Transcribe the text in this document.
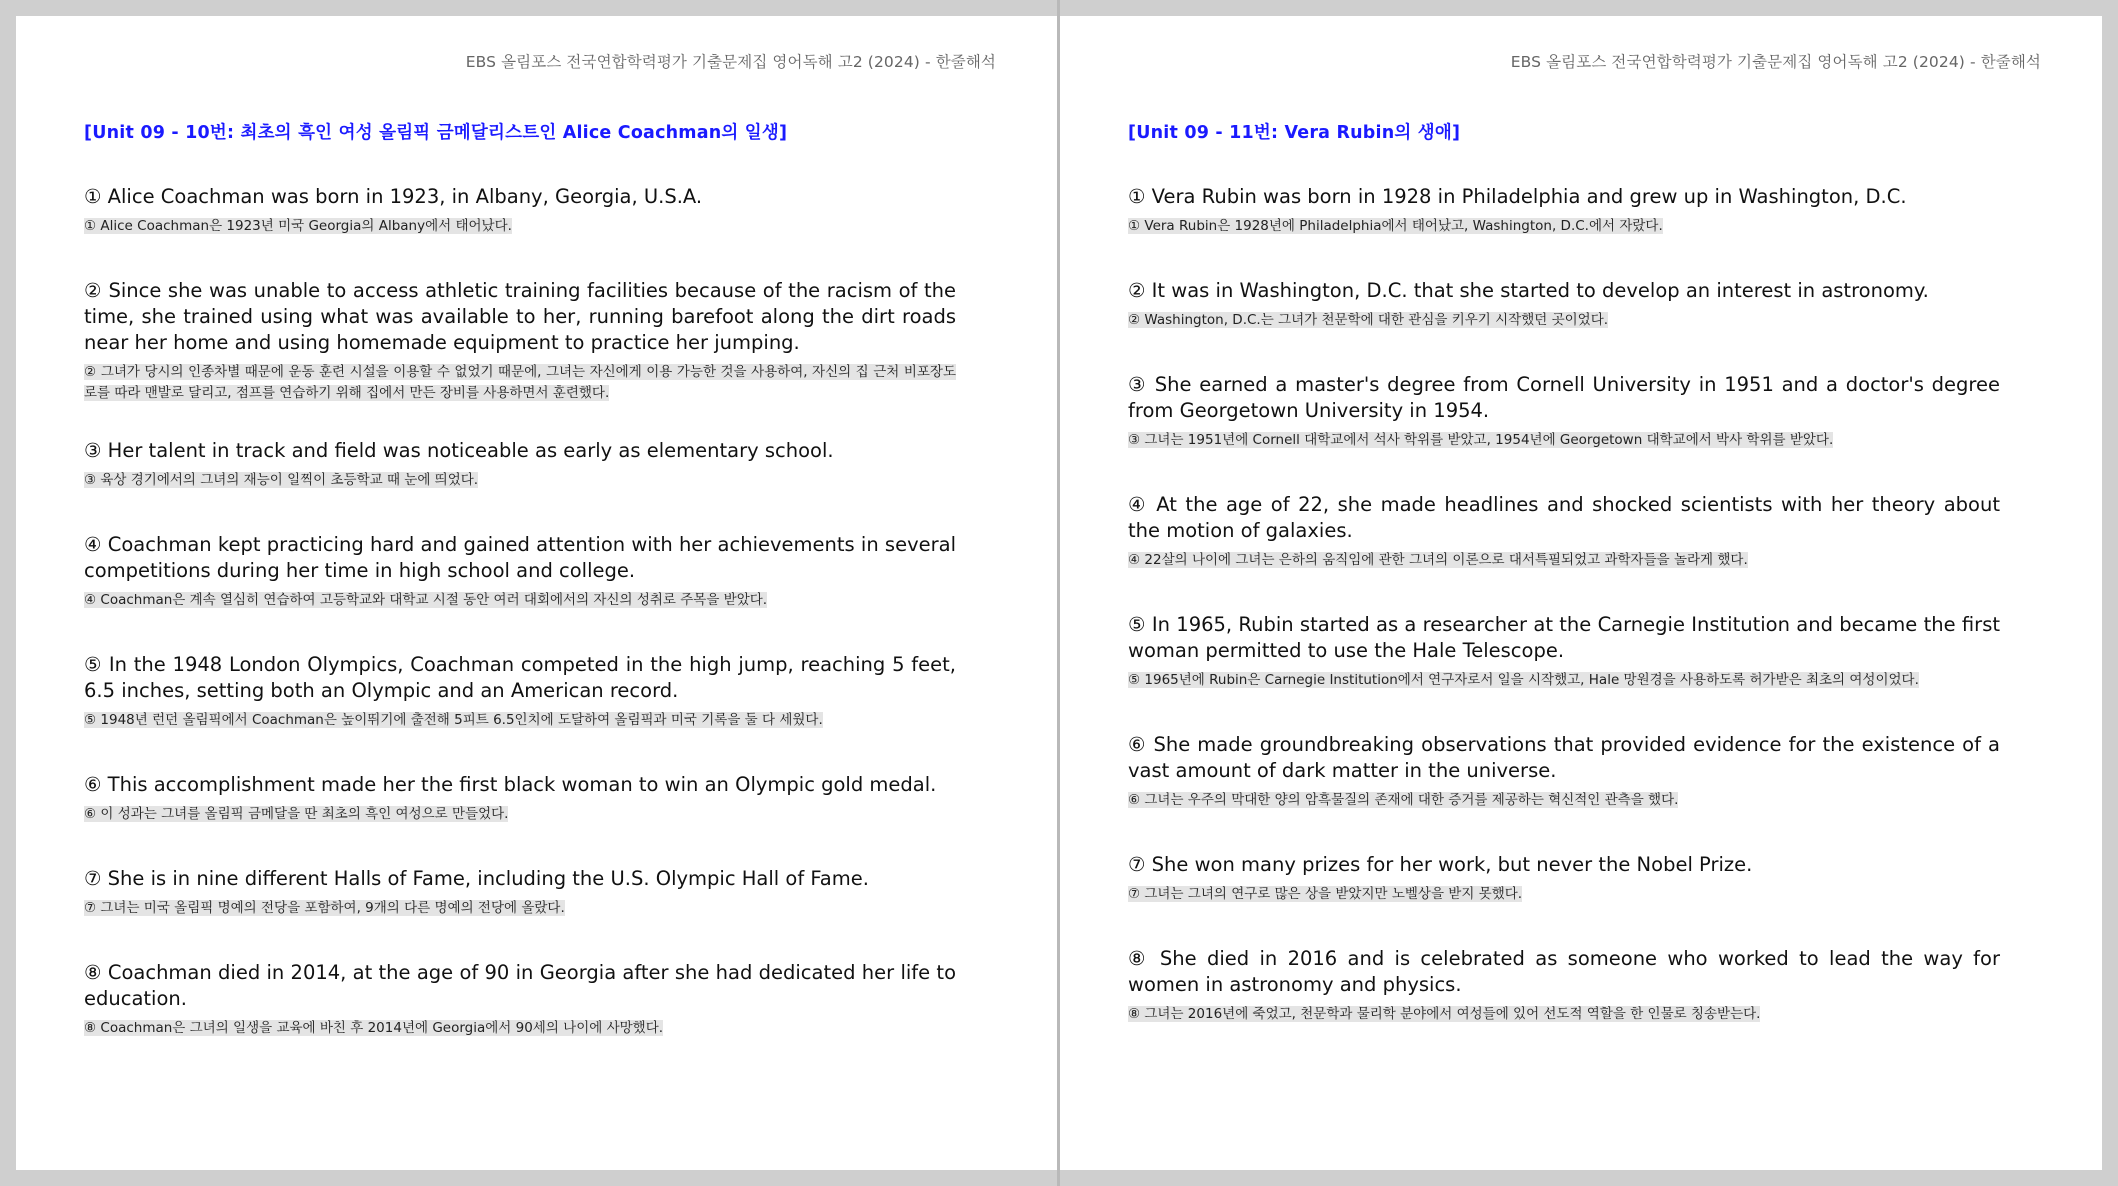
EBS 올림포스 전국연합학력평가 기출문제집 영어독해 고2 (2024) - 한줄해석
[Unit 09 - 10번: 최초의 흑인 여성 올림픽 금메달리스트인 Alice Coachman의 일생]
① Alice Coachman was born in 1923, in Albany, Georgia, U.S.A.
① Alice Coachman은 1923년 미국 Georgia의 Albany에서 태어났다.
② Since she was unable to access athletic training facilities because of the racism of the time, she trained using what was available to her, running barefoot along the dirt roads near her home and using homemade equipment to practice her jumping.
② 그녀가 당시의 인종차별 때문에 운동 훈련 시설을 이용할 수 없었기 때문에, 그녀는 자신에게 이용 가능한 것을 사용하여, 자신의 집 근처 비포장도로를 따라 맨발로 달리고, 점프를 연습하기 위해 집에서 만든 장비를 사용하면서 훈련했다.
③ Her talent in track and field was noticeable as early as elementary school.
③ 육상 경기에서의 그녀의 재능이 일찍이 초등학교 때 눈에 띄었다.
④ Coachman kept practicing hard and gained attention with her achievements in several competitions during her time in high school and college.
④ Coachman은 계속 열심히 연습하여 고등학교와 대학교 시절 동안 여러 대회에서의 자신의 성취로 주목을 받았다.
⑤ In the 1948 London Olympics, Coachman competed in the high jump, reaching 5 feet, 6.5 inches, setting both an Olympic and an American record.
⑤ 1948년 런던 올림픽에서 Coachman은 높이뛰기에 출전해 5피트 6.5인치에 도달하여 올림픽과 미국 기록을 둘 다 세웠다.
⑥ This accomplishment made her the first black woman to win an Olympic gold medal.
⑥ 이 성과는 그녀를 올림픽 금메달을 딴 최초의 흑인 여성으로 만들었다.
⑦ She is in nine different Halls of Fame, including the U.S. Olympic Hall of Fame.
⑦ 그녀는 미국 올림픽 명예의 전당을 포함하여, 9개의 다른 명예의 전당에 올랐다.
⑧ Coachman died in 2014, at the age of 90 in Georgia after she had dedicated her life to education.
⑧ Coachman은 그녀의 일생을 교육에 바친 후 2014년에 Georgia에서 90세의 나이에 사망했다.
EBS 올림포스 전국연합학력평가 기출문제집 영어독해 고2 (2024) - 한줄해석
[Unit 09 - 11번: Vera Rubin의 생애]
① Vera Rubin was born in 1928 in Philadelphia and grew up in Washington, D.C.
① Vera Rubin은 1928년에 Philadelphia에서 태어났고, Washington, D.C.에서 자랐다.
② It was in Washington, D.C. that she started to develop an interest in astronomy.
② Washington, D.C.는 그녀가 천문학에 대한 관심을 키우기 시작했던 곳이었다.
③ She earned a master's degree from Cornell University in 1951 and a doctor's degree from Georgetown University in 1954.
③ 그녀는 1951년에 Cornell 대학교에서 석사 학위를 받았고, 1954년에 Georgetown 대학교에서 박사 학위를 받았다.
④ At the age of 22, she made headlines and shocked scientists with her theory about the motion of galaxies.
④ 22살의 나이에 그녀는 은하의 움직임에 관한 그녀의 이론으로 대서특필되었고 과학자들을 놀라게 했다.
⑤ In 1965, Rubin started as a researcher at the Carnegie Institution and became the first woman permitted to use the Hale Telescope.
⑤ 1965년에 Rubin은 Carnegie Institution에서 연구자로서 일을 시작했고, Hale 망원경을 사용하도록 허가받은 최초의 여성이었다.
⑥ She made groundbreaking observations that provided evidence for the existence of a vast amount of dark matter in the universe.
⑥ 그녀는 우주의 막대한 양의 암흑물질의 존재에 대한 증거를 제공하는 혁신적인 관측을 했다.
⑦ She won many prizes for her work, but never the Nobel Prize.
⑦ 그녀는 그녀의 연구로 많은 상을 받았지만 노벨상을 받지 못했다.
⑧ She died in 2016 and is celebrated as someone who worked to lead the way for women in astronomy and physics.
⑧ 그녀는 2016년에 죽었고, 천문학과 물리학 분야에서 여성들에 있어 선도적 역할을 한 인물로 칭송받는다.
